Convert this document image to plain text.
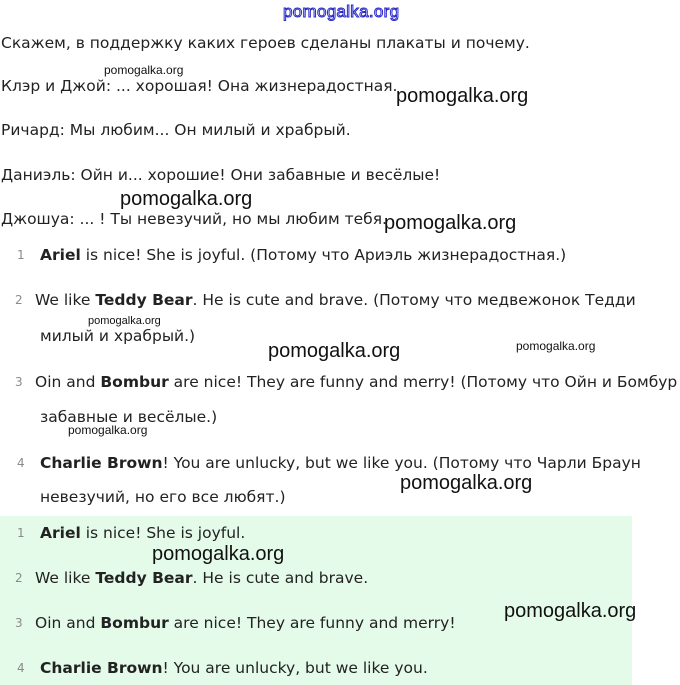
pomogalka.org
Скажем, в поддержку каких героев сделаны плакаты и почему.
Клэр и Джой: ... хорошая! Она жизнерадостная.
Ричард: Мы любим... Он милый и храбрый.
Даниэль: Ойн и... хорошие! Они забавные и весёлые!
Джошуа: ... ! Ты невезучий, но мы любим тебя.
1 Ariel is nice! She is joyful. (Потому что Ариэль жизнерадостная.)
2 We like Teddy Bear. He is cute and brave. (Потому что медвежонок Тедди
милый и храбрый.)
3 Oin and Bombur are nice! They are funny and merry! (Потому что Ойн и Бомбур
забавные и весёлые.)
4 Charlie Brown! You are unlucky, but we like you. (Потому что Чарли Браун
невезучий, но его все любят.)
1 Ariel is nice! She is joyful.
2 We like Teddy Bear. He is cute and brave.
3 Oin and Bombur are nice! They are funny and merry!
4 Charlie Brown! You are unlucky, but we like you.
pomogalka.org
pomogalka.org
pomogalka.org
pomogalka.org
pomogalka.org
pomogalka.org	pomogalka.org
pomogalka.org
pomogalka.org
pomogalka.org
pomogalka.org
